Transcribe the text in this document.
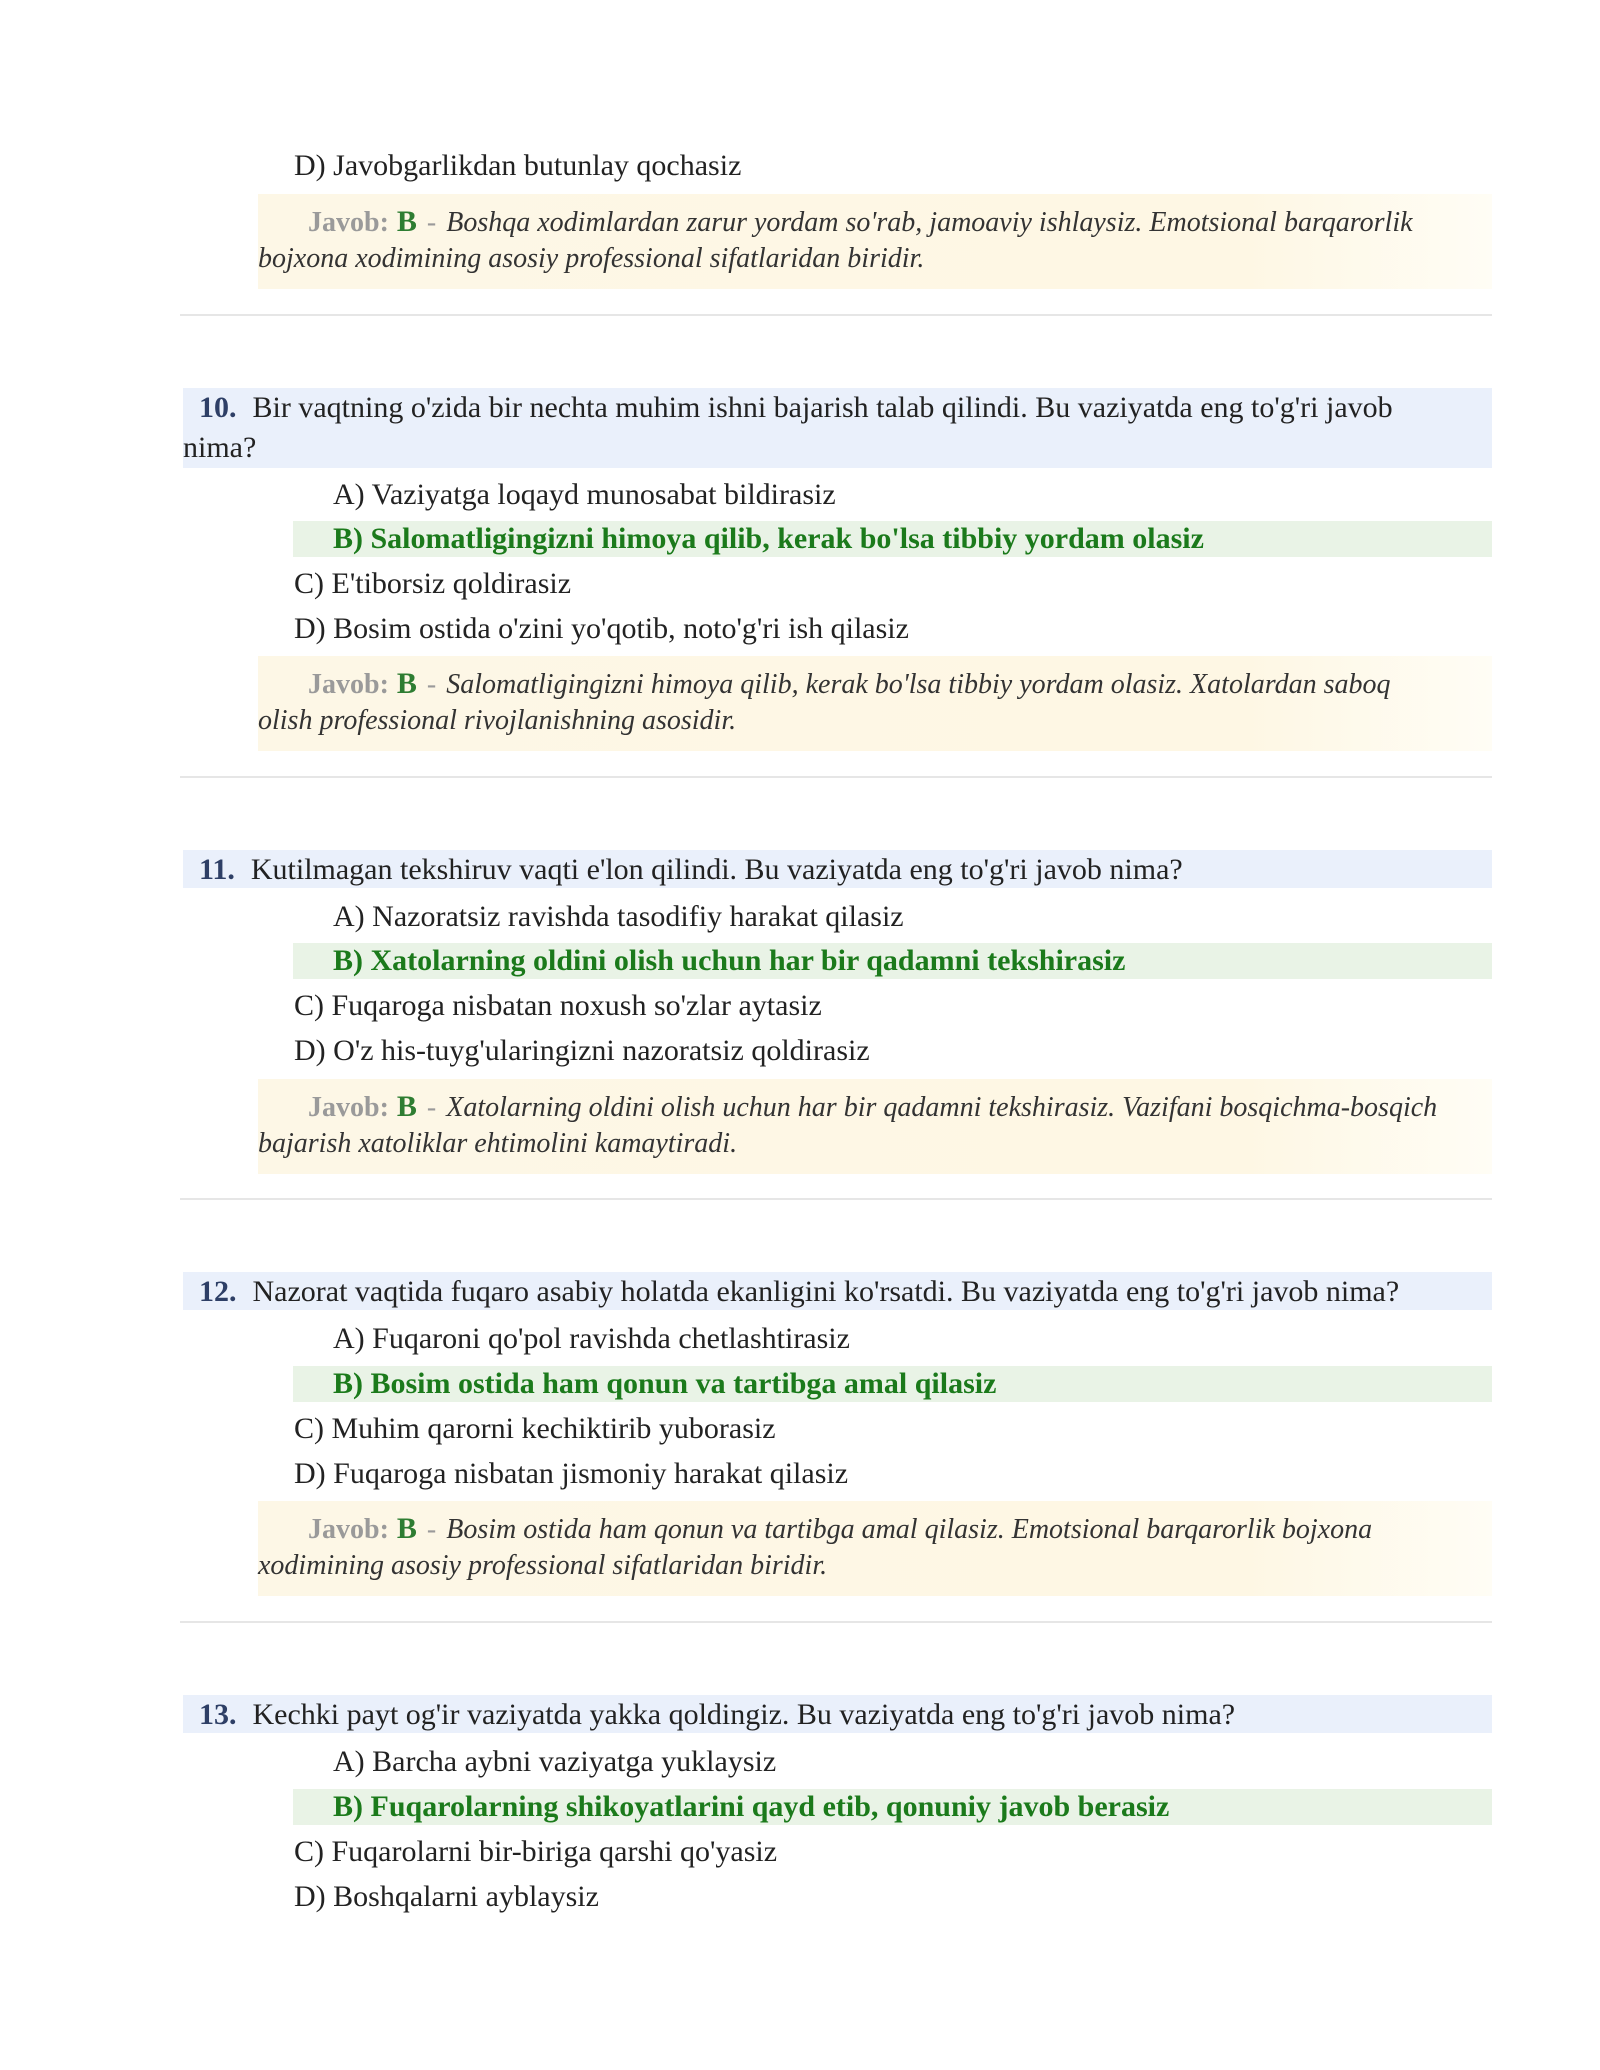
D) Javobgarlikdan butunlay qochasiz
Javob: B - Boshqa xodimlardan zarur yordam so'rab, jamoaviy ishlaysiz. Emotsional barqarorlik
bojxona xodimining asosiy professional sifatlaridan biridir.
10. Bir vaqtning o'zida bir nechta muhim ishni bajarish talab qilindi. Bu vaziyatda eng to'g'ri javob
nima?
A) Vaziyatga loqayd munosabat bildirasiz
B) Salomatligingizni himoya qilib, kerak bo'lsa tibbiy yordam olasiz
C) E'tiborsiz qoldirasiz
D) Bosim ostida o'zini yo'qotib, noto'g'ri ish qilasiz
Javob: B - Salomatligingizni himoya qilib, kerak bo'lsa tibbiy yordam olasiz. Xatolardan saboq
olish professional rivojlanishning asosidir.
11. Kutilmagan tekshiruv vaqti e'lon qilindi. Bu vaziyatda eng to'g'ri javob nima?
A) Nazoratsiz ravishda tasodifiy harakat qilasiz
B) Xatolarning oldini olish uchun har bir qadamni tekshirasiz
C) Fuqaroga nisbatan noxush so'zlar aytasiz
D) O'z his-tuyg'ularingizni nazoratsiz qoldirasiz
Javob: B - Xatolarning oldini olish uchun har bir qadamni tekshirasiz. Vazifani bosqichma-bosqich
bajarish xatoliklar ehtimolini kamaytiradi.
12. Nazorat vaqtida fuqaro asabiy holatda ekanligini ko'rsatdi. Bu vaziyatda eng to'g'ri javob nima?
A) Fuqaroni qo'pol ravishda chetlashtirasiz
B) Bosim ostida ham qonun va tartibga amal qilasiz
C) Muhim qarorni kechiktirib yuborasiz
D) Fuqaroga nisbatan jismoniy harakat qilasiz
Javob: B - Bosim ostida ham qonun va tartibga amal qilasiz. Emotsional barqarorlik bojxona
xodimining asosiy professional sifatlaridan biridir.
13. Kechki payt og'ir vaziyatda yakka qoldingiz. Bu vaziyatda eng to'g'ri javob nima?
A) Barcha aybni vaziyatga yuklaysiz
B) Fuqarolarning shikoyatlarini qayd etib, qonuniy javob berasiz
C) Fuqarolarni bir-biriga qarshi qo'yasiz
D) Boshqalarni ayblaysiz
